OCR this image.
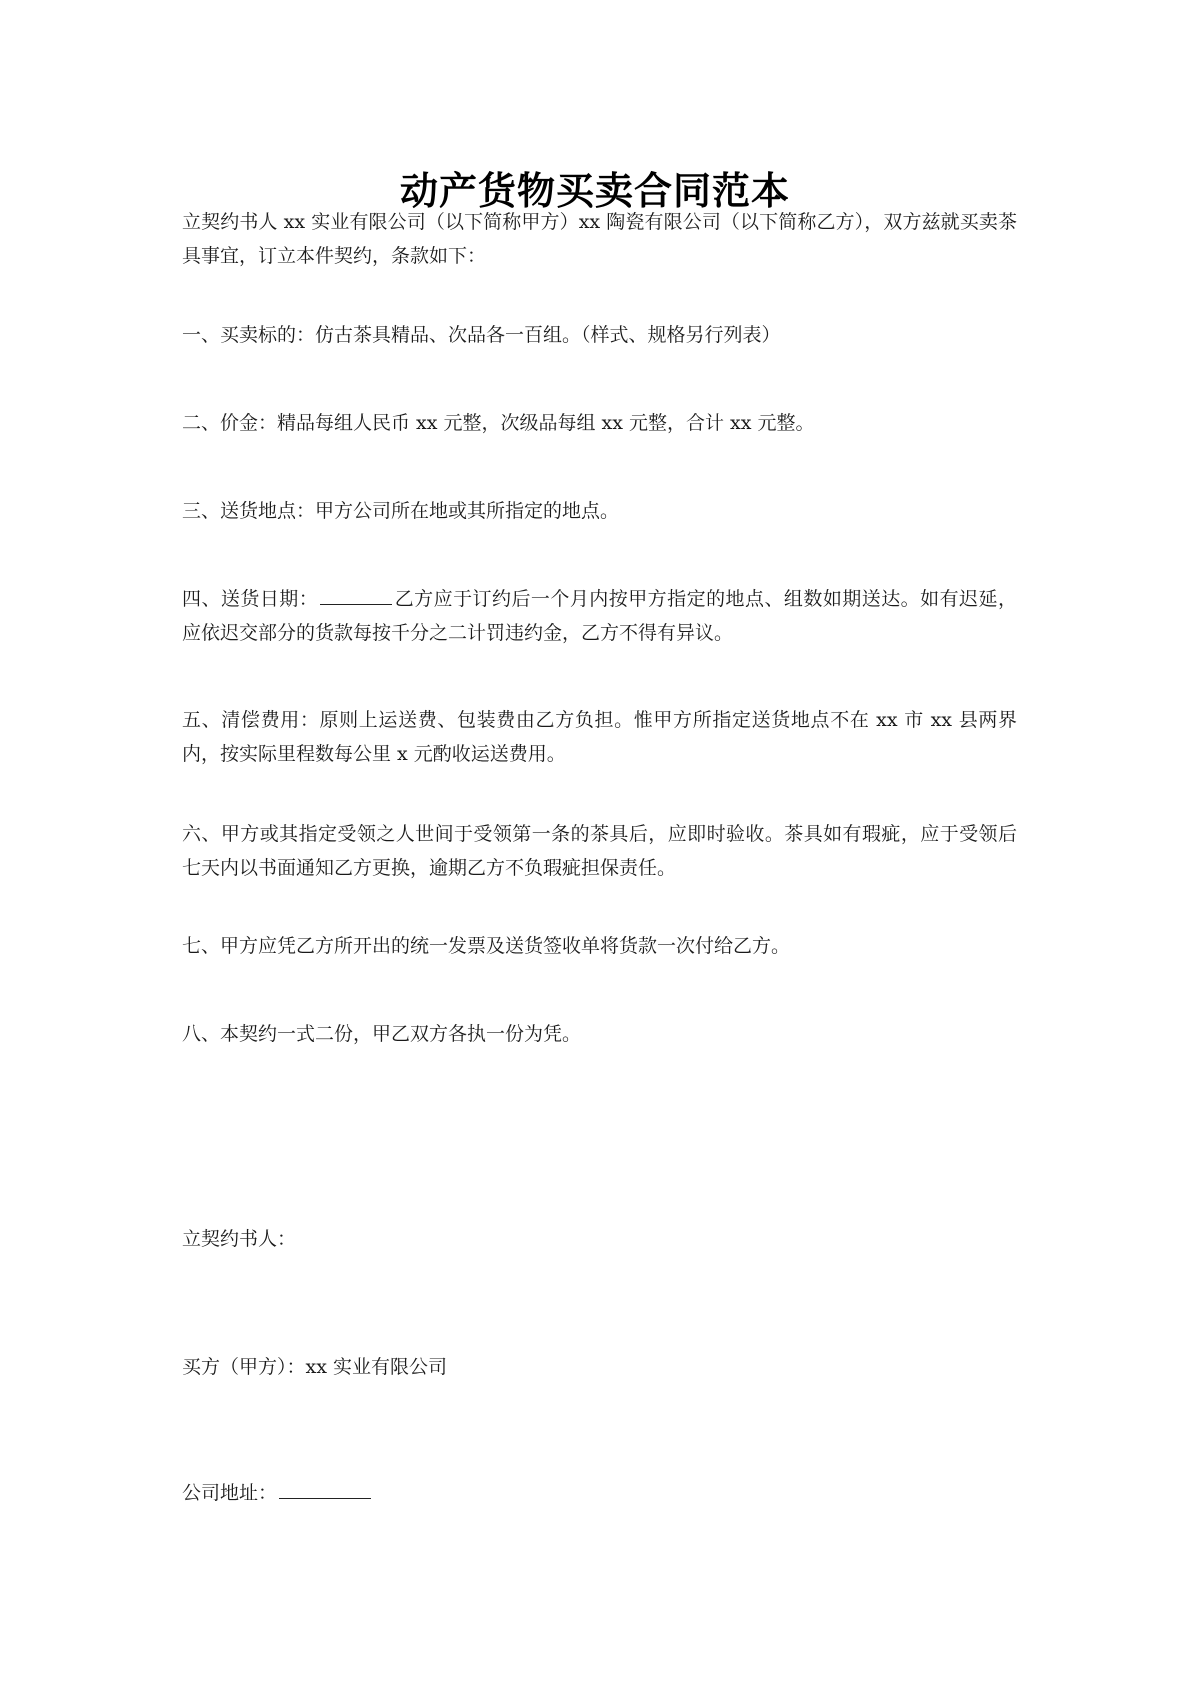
动产货物买卖合同范本
立契约书人 xx 实业有限公司（以下简称甲方）xx 陶瓷有限公司（以下简称乙方），双方兹就买卖茶具事宜，订立本件契约，条款如下：
一、买卖标的：仿古茶具精品、次品各一百组。（样式、规格另行列表）
二、价金：精品每组人民币 xx 元整，次级品每组 xx 元整，合计 xx 元整。
三、送货地点：甲方公司所在地或其所指定的地点。
四、送货日期：	乙方应于订约后一个月内按甲方指定的地点、组数如期送达。如有迟延，应依迟交部分的货款每按千分之二计罚违约金，乙方不得有异议。
五、清偿费用：原则上运送费、包装费由乙方负担。惟甲方所指定送货地点不在 xx 市 xx 县两界内，按实际里程数每公里 x 元酌收运送费用。
六、甲方或其指定受领之人世间于受领第一条的茶具后，应即时验收。茶具如有瑕疵，应于受领后七天内以书面通知乙方更换，逾期乙方不负瑕疵担保责任。
七、甲方应凭乙方所开出的统一发票及送货签收单将货款一次付给乙方。
八、本契约一式二份，甲乙双方各执一份为凭。
立契约书人：
买方（甲方）：xx 实业有限公司
公司地址：
